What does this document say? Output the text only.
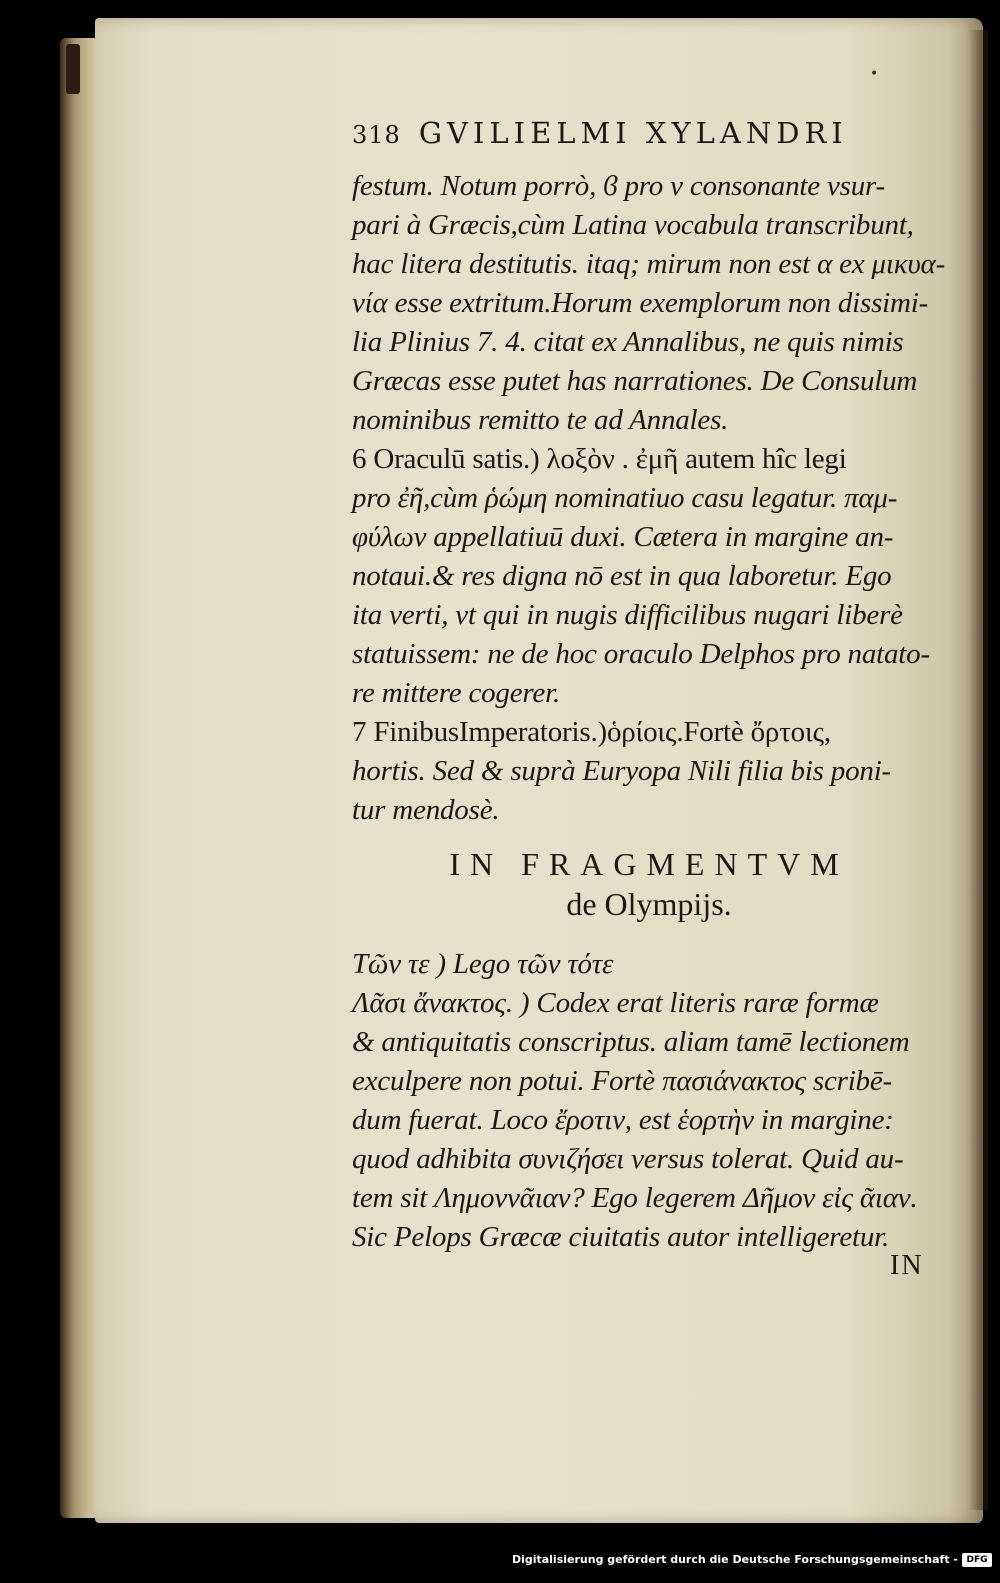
•
318 GVILIELMI XYLANDRI
festum. Notum porrò, ϐ pro v consonante vsur-
pari à Græcis,cùm Latina vocabula transcribunt,
hac litera destitutis. itaq; mirum non est α ex μικυα-
νία esse extritum.Horum exemplorum non dissimi-
lia Plinius 7. 4. citat ex Annalibus, ne quis nimis
Græcas esse putet has narrationes. De Consulum
nominibus remitto te ad Annales.
6 Oraculū satis.) λοξὸν . ἐμῆ autem hîc legi
pro ἐῆ,cùm ῥώμη nominatiuo casu legatur. παμ-
φύλων appellatiuū duxi. Cætera in margine an-
notaui.& res digna nō est in qua laboretur. Ego
ita verti, vt qui in nugis difficilibus nugari liberè
statuissem: ne de hoc oraculo Delphos pro natato-
re mittere cogerer.
7 FinibusImperatoris.)ὁρίοις.Fortè ὄρτοις,
hortis. Sed & suprà Euryopa Nili filia bis poni-
tur mendosè.
IN FRAGMENTVM
de Olympijs.
Τῶν τε ) Lego τῶν τότε
Λᾶσι ἄνακτος. ) Codex erat literis raræ formæ
& antiquitatis conscriptus. aliam tamē lectionem
exculpere non potui. Fortè πασιάνακτος scribē-
dum fuerat. Loco ἔροτιν, est ἑορτὴν in margine:
quod adhibita συνιζήσει versus tolerat. Quid au-
tem sit Λημοννᾶιαν? Ego legerem Δῆμον εἰς ᾶιαν.
Sic Pelops Græcæ ciuitatis autor intelligeretur.
IN
Digitalisierung gefördert durch die Deutsche Forschungsgemeinschaft - DFG
